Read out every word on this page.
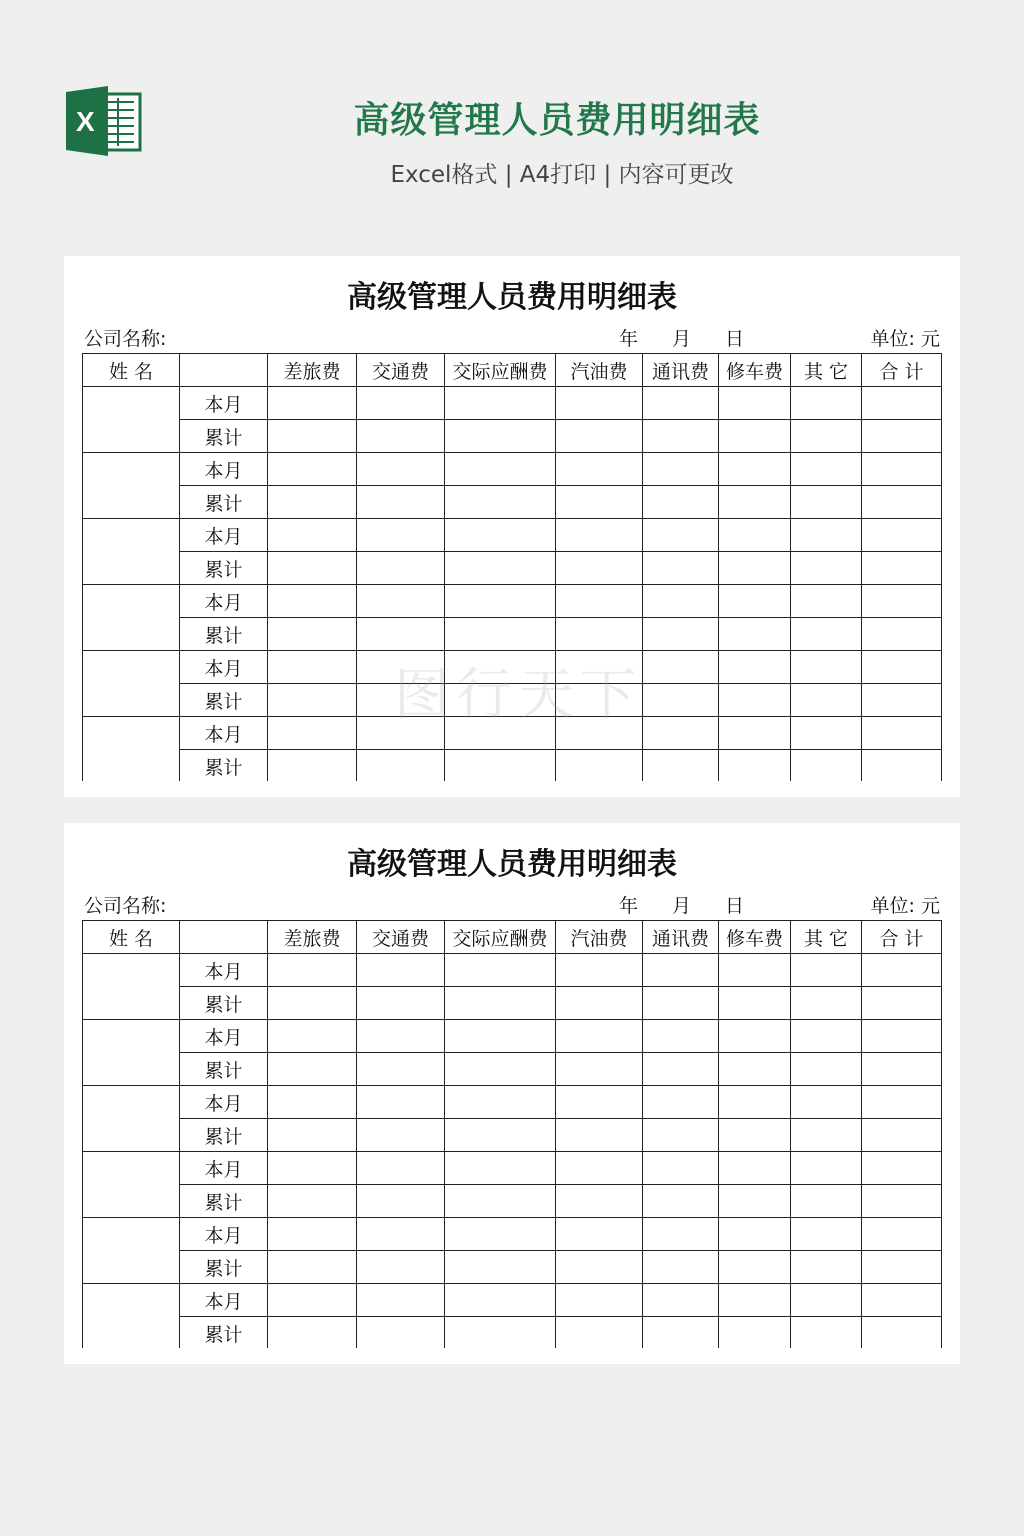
X	高级管理人员费用明细表
Excel格式 | A4打印 | 内容可更改
高级管理人员费用明细表
公司名称:	年 月 日	单位: 元
姓 名		差旅费	交通费	交际应酬费	汽油费	通讯费	修车费	其 它	合 计
	本月								
	累计								
	本月								
	累计								
	本月								
	累计								
	本月								
	累计								
	本月								
	累计								
	本月								
	累计								
图行天下
高级管理人员费用明细表
公司名称:	年 月 日	单位: 元
姓 名		差旅费	交通费	交际应酬费	汽油费	通讯费	修车费	其 它	合 计
	本月								
	累计								
	本月								
	累计								
	本月								
	累计								
	本月								
	累计								
	本月								
	累计								
	本月								
	累计								
